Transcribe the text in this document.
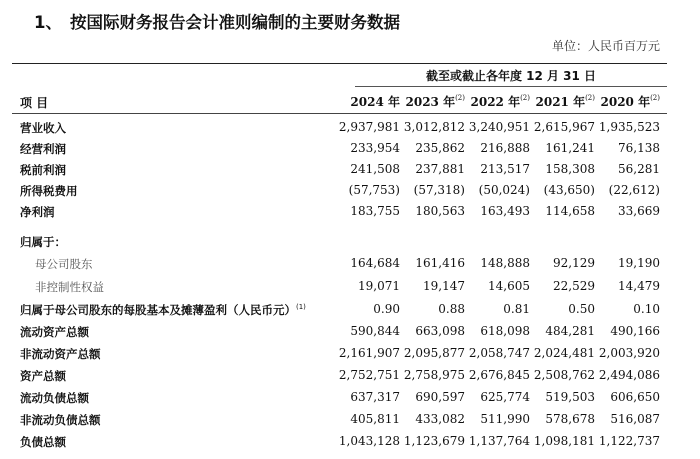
1、 按国际财务报告会计准则编制的主要财务数据
单位：人民币百万元
截至或截止各年度 12 月 31 日
项 目	2024 年 2023 年$^{(2)}$ 2022 年$^{(2)}$ 2021 年$^{(2)}$ 2020 年$^{(2)}$
营业收入	2,937,981 3,012,812 3,240,951 2,615,967 1,935,523
经营利润	233,954	235,862	216,888	161,241	76,138
税前利润	241,508	237,881	213,517	158,308	56,281
所得税费用	(57,753)	(57,318)	(50,024)	(43,650)	(22,612)
净利润	183,755	180,563	163,493	114,658	33,669
归属于：
母公司股东	164,684	161,416	148,888	92,129	19,190
非控制性权益	19,071	19,147	14,605	22,529	14,479
归属于母公司股东的每股基本及摊薄盈利（人民币元）$^{(1)}$	0.90	0.88	0.81	0.50	0.10
流动资产总额	590,844	663,098	618,098	484,281	490,166
非流动资产总额	2,161,907 2,095,877 2,058,747 2,024,481 2,003,920
资产总额	2,752,751 2,758,975 2,676,845 2,508,762 2,494,086
流动负债总额	637,317	690,597	625,774	519,503	606,650
非流动负债总额	405,811	433,082	511,990	578,678	516,087
负债总额	1,043,128 1,123,679 1,137,764 1,098,181 1,122,737
